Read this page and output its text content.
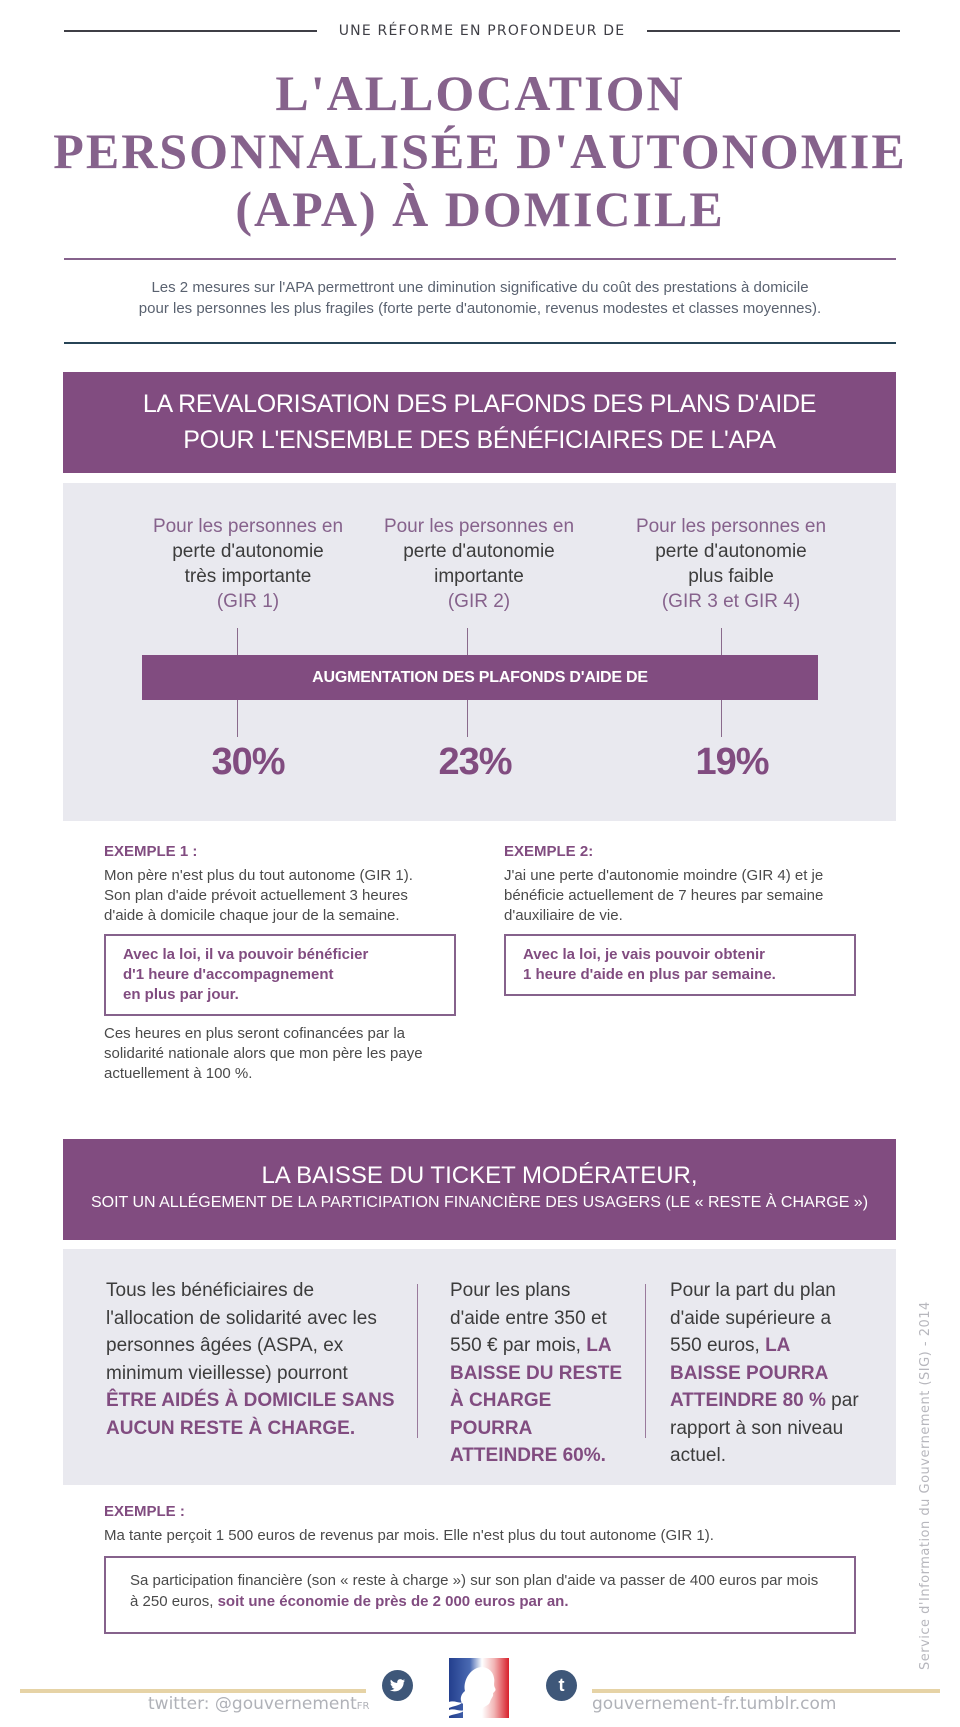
UNE RÉFORME EN PROFONDEUR DE
L'ALLOCATION
PERSONNALISÉE D'AUTONOMIE
(APA) À DOMICILE
Les 2 mesures sur l'APA permettront une diminution significative du coût des prestations à domicile
pour les personnes les plus fragiles (forte perte d'autonomie, revenus modestes et classes moyennes).
LA REVALORISATION DES PLAFONDS DES PLANS D'AIDE
POUR L'ENSEMBLE DES BÉNÉFICIAIRES DE L'APA
Pour les personnes en
perte d'autonomie
très importante
(GIR 1)
Pour les personnes en
perte d'autonomie
importante
(GIR 2)
Pour les personnes en
perte d'autonomie
plus faible
(GIR 3 et GIR 4)
AUGMENTATION DES PLAFONDS D'AIDE DE
30%	23%	19%
EXEMPLE 1 :
Mon père n'est plus du tout autonome (GIR 1).
Son plan d'aide prévoit actuellement 3 heures
d'aide à domicile chaque jour de la semaine.
Avec la loi, il va pouvoir bénéficier
d'1 heure d'accompagnement
en plus par jour.
Ces heures en plus seront cofinancées par la
solidarité nationale alors que mon père les paye
actuellement à 100 %.
EXEMPLE 2:
J'ai une perte d'autonomie moindre (GIR 4) et je
bénéficie actuellement de 7 heures par semaine
d'auxiliaire de vie.
Avec la loi, je vais pouvoir obtenir
1 heure d'aide en plus par semaine.
LA BAISSE DU TICKET MODÉRATEUR,
SOIT UN ALLÉGEMENT DE LA PARTICIPATION FINANCIÈRE DES USAGERS (LE « RESTE À CHARGE »)
Tous les bénéficiaires de l'allocation de solidarité avec les personnes âgées (ASPA, ex minimum vieillesse) pourront ÊTRE AIDÉS À DOMICILE SANS AUCUN RESTE À CHARGE.
Pour les plans d'aide entre 350 et 550 € par mois, LA BAISSE DU RESTE À CHARGE POURRA ATTEINDRE 60%.
Pour la part du plan d'aide supérieure a 550 euros, LA BAISSE POURRA ATTEINDRE 80 % par rapport à son niveau actuel.
EXEMPLE :
Ma tante perçoit 1 500 euros de revenus par mois. Elle n'est plus du tout autonome (GIR 1).
Sa participation financière (son « reste à charge ») sur son plan d'aide va passer de 400 euros par mois à 250 euros, soit une économie de près de 2 000 euros par an.	Service d'Information du Gouvernement (SIG) - 2014
twitter: @gouvernementFR
t
gouvernement-fr.tumblr.com
